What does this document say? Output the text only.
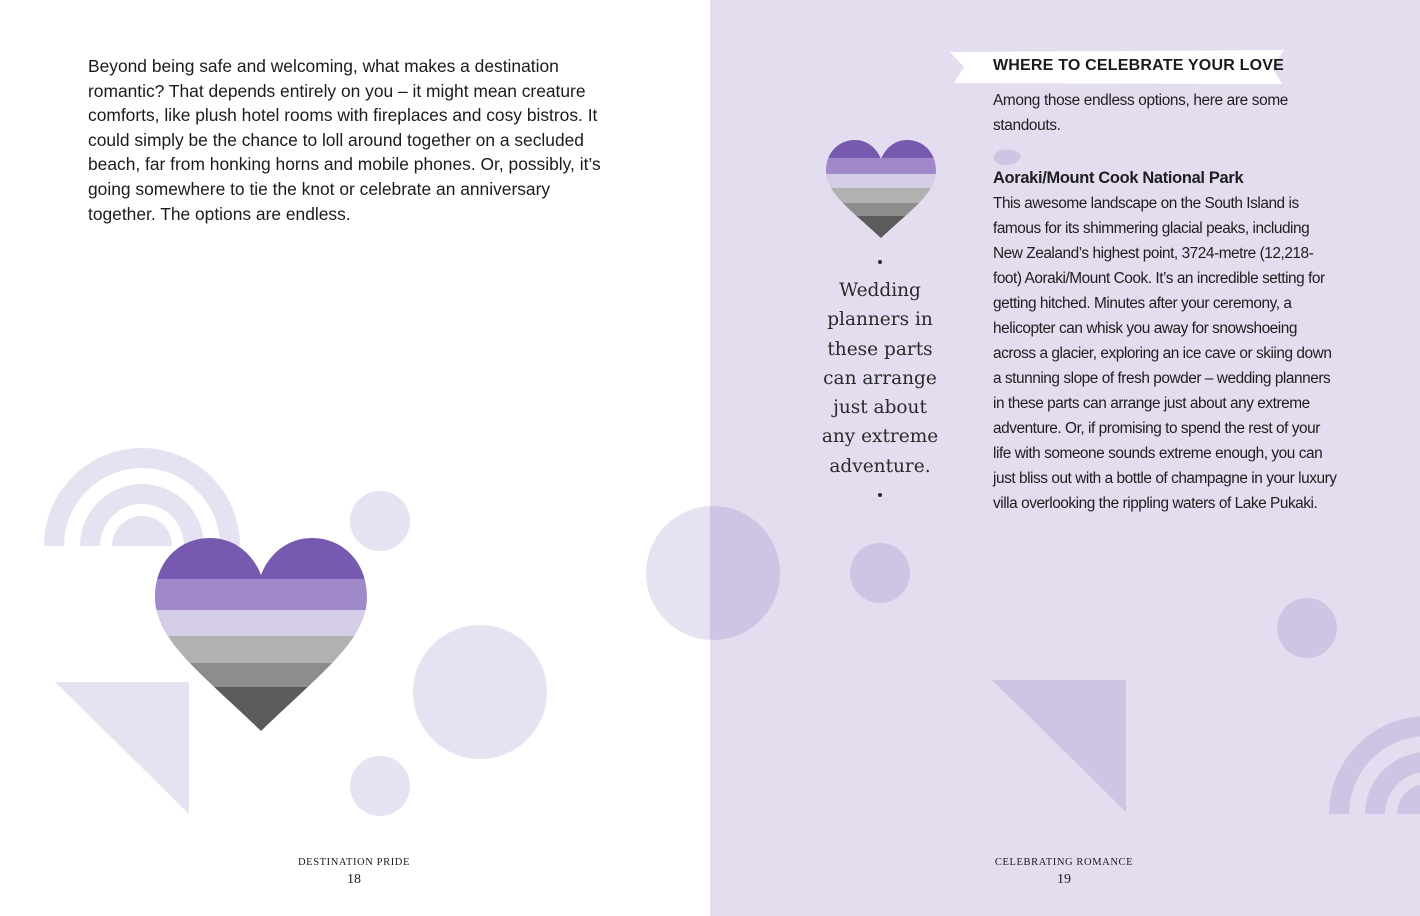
Beyond being safe and welcoming, what makes a destination romantic? That depends entirely on you – it might mean creature comforts, like plush hotel rooms with fireplaces and cosy bistros. It could simply be the chance to loll around together on a secluded beach, far from honking horns and mobile phones. Or, possibly, it’s going somewhere to tie the knot or celebrate an anniversary together. The options are endless.

WHERE TO CELEBRATE YOUR LOVE

Among those endless options, here are some standouts.

Aoraki/Mount Cook National Park

This awesome landscape on the South Island is famous for its shimmering glacial peaks, including New Zealand’s highest point, 3724-metre (12,218-foot) Aoraki/Mount Cook. It’s an incredible setting for getting hitched. Minutes after your ceremony, a helicopter can whisk you away for snowshoeing across a glacier, exploring an ice cave or skiing down a stunning slope of fresh powder – wedding planners in these parts can arrange just about any extreme adventure. Or, if promising to spend the rest of your life with someone sounds extreme enough, you can just bliss out with a bottle of champagne in your luxury villa overlooking the rippling waters of Lake Pukaki.

Wedding planners in these parts can arrange just about any extreme adventure.

DESTINATION PRIDE
18
CELEBRATING ROMANCE
19
